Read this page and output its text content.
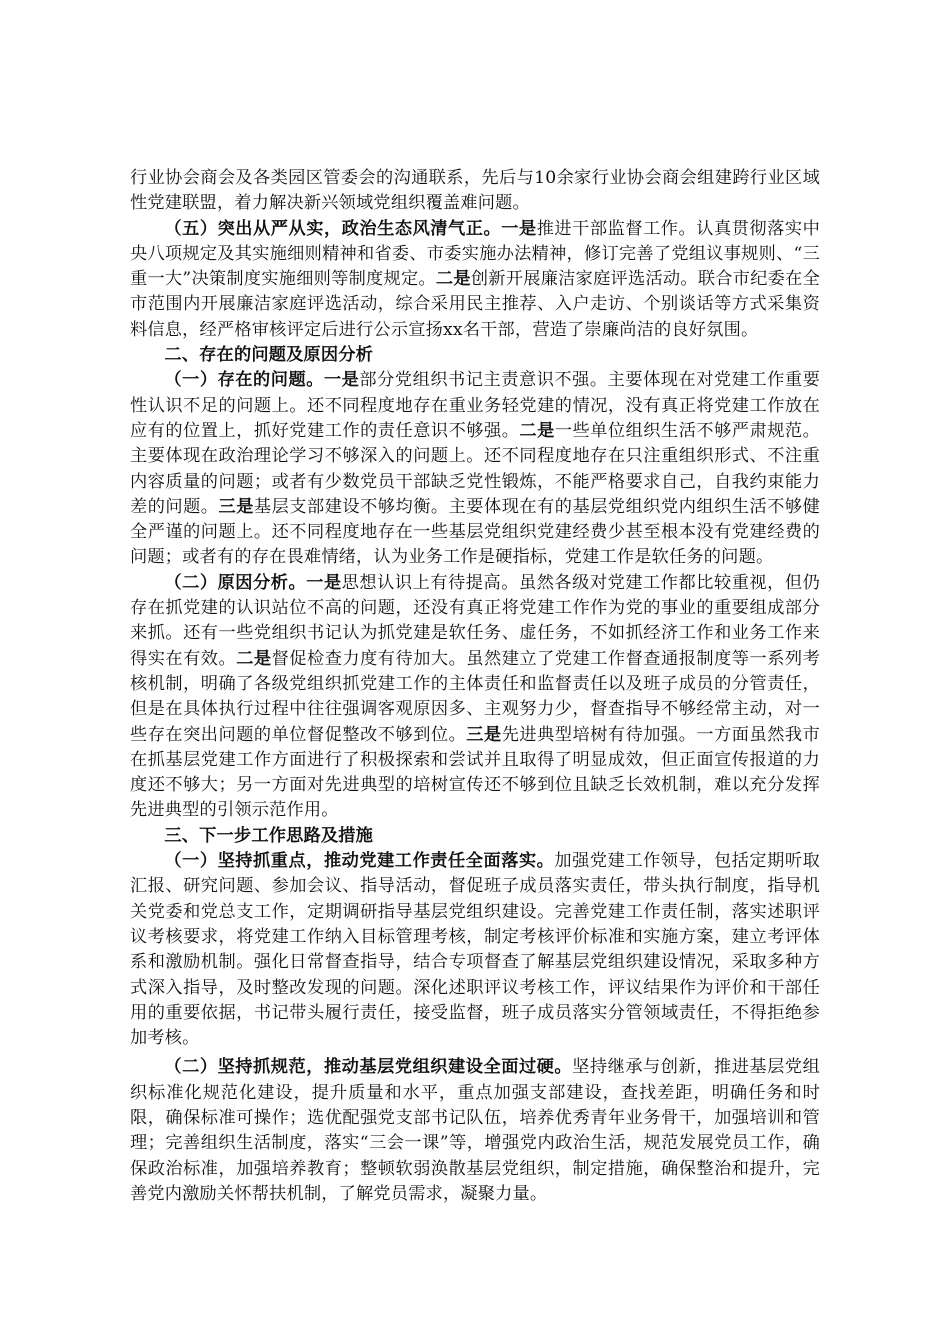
行业协会商会及各类园区管委会的沟通联系，先后与10余家行业协会商会组建跨行业区域性党建联盟，着力解决新兴领域党组织覆盖难问题。

（五）突出从严从实，政治生态风清气正。一是推进干部监督工作。认真贯彻落实中央八项规定及其实施细则精神和省委、市委实施办法精神，修订完善了党组议事规则、“三重一大”决策制度实施细则等制度规定。二是创新开展廉洁家庭评选活动。联合市纪委在全市范围内开展廉洁家庭评选活动，综合采用民主推荐、入户走访、个别谈话等方式采集资料信息，经严格审核评定后进行公示宣扬xx名干部，营造了崇廉尚洁的良好氛围。

二、存在的问题及原因分析

（一）存在的问题。一是部分党组织书记主责意识不强。主要体现在对党建工作重要性认识不足的问题上。还不同程度地存在重业务轻党建的情况，没有真正将党建工作放在应有的位置上，抓好党建工作的责任意识不够强。二是一些单位组织生活不够严肃规范。主要体现在政治理论学习不够深入的问题上。还不同程度地存在只注重组织形式、不注重内容质量的问题；或者有少数党员干部缺乏党性锻炼，不能严格要求自己，自我约束能力差的问题。三是基层支部建设不够均衡。主要体现在有的基层党组织党内组织生活不够健全严谨的问题上。还不同程度地存在一些基层党组织党建经费少甚至根本没有党建经费的问题；或者有的存在畏难情绪，认为业务工作是硬指标，党建工作是软任务的问题。

（二）原因分析。一是思想认识上有待提高。虽然各级对党建工作都比较重视，但仍存在抓党建的认识站位不高的问题，还没有真正将党建工作作为党的事业的重要组成部分来抓。还有一些党组织书记认为抓党建是软任务、虚任务，不如抓经济工作和业务工作来得实在有效。二是督促检查力度有待加大。虽然建立了党建工作督查通报制度等一系列考核机制，明确了各级党组织抓党建工作的主体责任和监督责任以及班子成员的分管责任，但是在具体执行过程中往往强调客观原因多、主观努力少，督查指导不够经常主动，对一些存在突出问题的单位督促整改不够到位。三是先进典型培树有待加强。一方面虽然我市在抓基层党建工作方面进行了积极探索和尝试并且取得了明显成效，但正面宣传报道的力度还不够大；另一方面对先进典型的培树宣传还不够到位且缺乏长效机制，难以充分发挥先进典型的引领示范作用。

三、下一步工作思路及措施

（一）坚持抓重点，推动党建工作责任全面落实。加强党建工作领导，包括定期听取汇报、研究问题、参加会议、指导活动，督促班子成员落实责任，带头执行制度，指导机关党委和党总支工作，定期调研指导基层党组织建设。完善党建工作责任制，落实述职评议考核要求，将党建工作纳入目标管理考核，制定考核评价标准和实施方案，建立考评体系和激励机制。强化日常督查指导，结合专项督查了解基层党组织建设情况，采取多种方式深入指导，及时整改发现的问题。深化述职评议考核工作，评议结果作为评价和干部任用的重要依据，书记带头履行责任，接受监督，班子成员落实分管领域责任，不得拒绝参加考核。

（二）坚持抓规范，推动基层党组织建设全面过硬。坚持继承与创新，推进基层党组织标准化规范化建设，提升质量和水平，重点加强支部建设，查找差距，明确任务和时限，确保标准可操作；选优配强党支部书记队伍，培养优秀青年业务骨干，加强培训和管理；完善组织生活制度，落实“三会一课”等，增强党内政治生活，规范发展党员工作，确保政治标准，加强培养教育；整顿软弱涣散基层党组织，制定措施，确保整治和提升，完善党内激励关怀帮扶机制，了解党员需求，凝聚力量。
